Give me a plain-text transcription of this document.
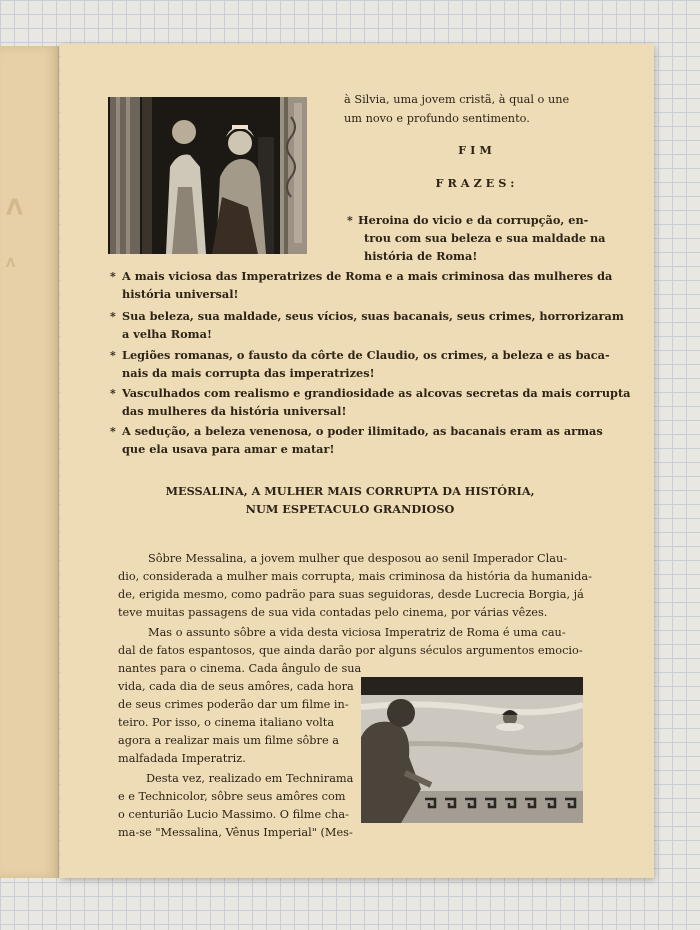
Λ
Ʌ

à Silvia, uma jovem cristã, à qual o une

um novo e profundo sentimento.

F I M

F R A Z E S :

* Heroina do vicio e da corrupção, en-

trou com sua beleza e sua maldade na

história de Roma!

* A mais viciosa das Imperatrizes de Roma e a mais criminosa das mulheres da

história universal!

* Sua beleza, sua maldade, seus vícios, suas bacanais, seus crimes, horrorizaram

a velha Roma!

* Legiões romanas, o fausto da côrte de Claudio, os crimes, a beleza e as baca-

nais da mais corrupta das imperatrizes!

* Vasculhados com realismo e grandiosidade as alcovas secretas da mais corrupta

das mulheres da história universal!

* A sedução, a beleza venenosa, o poder ilimitado, as bacanais eram as armas

que ela usava para amar e matar!

MESSALINA, A MULHER MAIS CORRUPTA DA HISTÓRIA,

NUM ESPETACULO GRANDIOSO

Sôbre Messalina, a jovem mulher que desposou ao senil Imperador Clau-

dio, considerada a mulher mais corrupta, mais criminosa da história da humanida-

de, erigida mesmo, como padrão para suas seguidoras, desde Lucrecia Borgia, já

teve muitas passagens de sua vida contadas pelo cinema, por várias vêzes.

Mas o assunto sôbre a vida desta viciosa Imperatriz de Roma é uma cau-

dal de fatos espantosos, que ainda darão por alguns séculos argumentos emocio-

nantes para o cinema. Cada ângulo de sua

vida, cada dia de seus amôres, cada hora

de seus crimes poderão dar um filme in-

teiro. Por isso, o cinema italiano volta

agora a realizar mais um filme sôbre a

malfadada Imperatriz.

Desta vez, realizado em Technirama

e e Technicolor, sôbre seus amôres com

o centurião Lucio Massimo. O filme cha-

ma-se "Messalina, Vênus Imperial" (Mes-
